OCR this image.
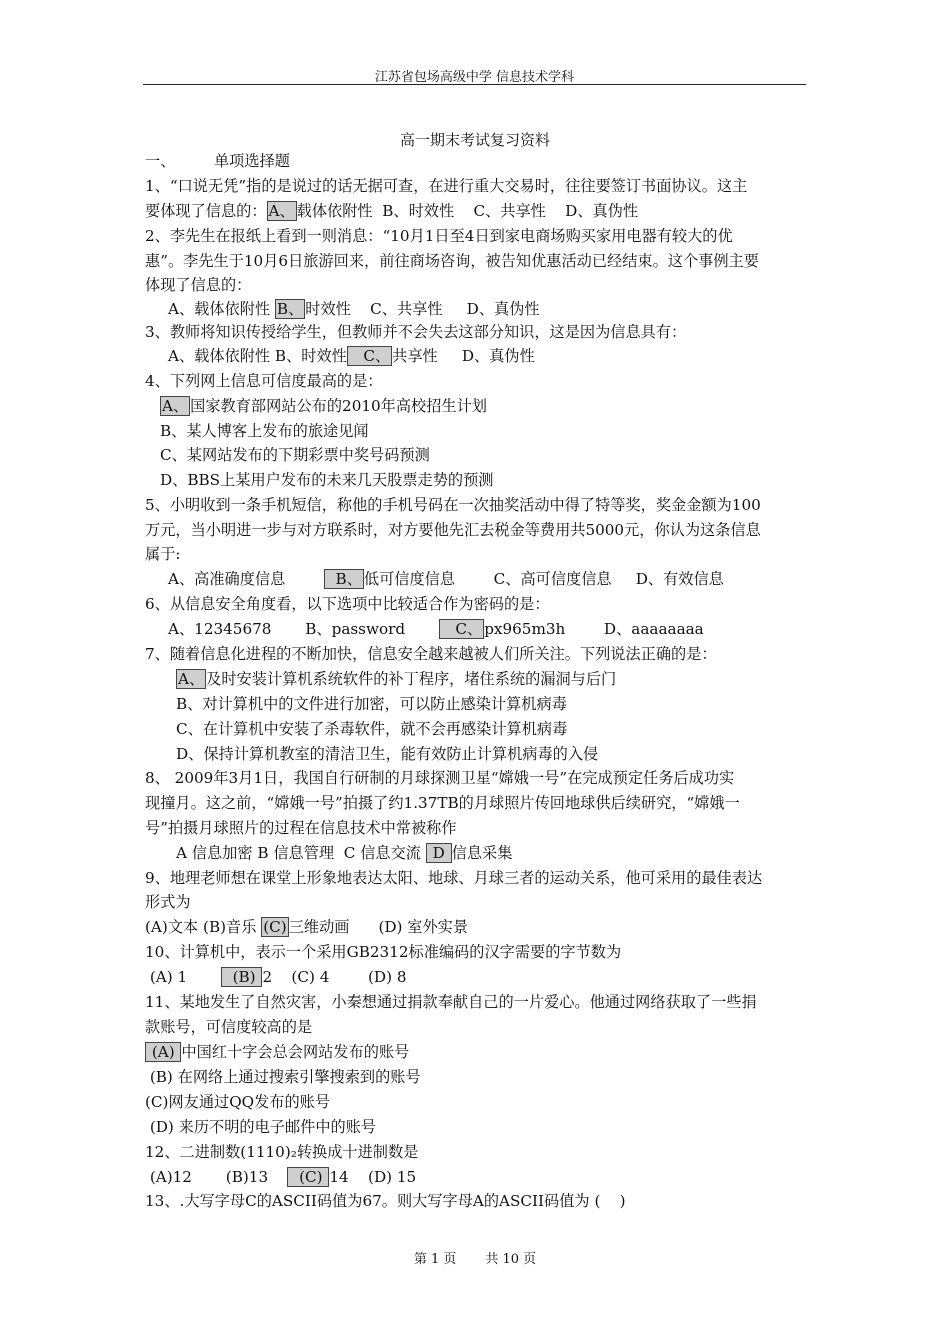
江苏省包场高级中学 信息技术学科
高一期末考试复习资料
一、        单项选择题
1、“口说无凭”指的是说过的话无据可查，在进行重大交易时，往往要签订书面协议。这主
要体现了信息的： A、 载体依附性  B、时效性    C、共享性    D、真伪性
2、李先生在报纸上看到一则消息：“10月1日至4日到家电商场购买家用电器有较大的优
惠”。李先生于10月6日旅游回来，前往商场咨询，被告知优惠活动已经结束。这个事例主要
体现了信息的：
A、载体依附性 B、 时效性    C、共享性     D、真伪性
3、教师将知识传授给学生，但教师并不会失去这部分知识，这是因为信息具有：
A、载体依附性 B、时效性   C、 共享性     D、真伪性
4、下列网上信息可信度最高的是：
A、 国家教育部网站公布的2010年高校招生计划
B、某人博客上发布的旅途见闻
C、某网站发布的下期彩票中奖号码预测
D、BBS上某用户发布的未来几天股票走势的预测
5、小明收到一条手机短信，称他的手机号码在一次抽奖活动中得了特等奖，奖金金额为100
万元，当小明进一步与对方联系时，对方要他先汇去税金等费用共5000元，你认为这条信息
属于:
A、高准确度信息          B、 低可信度信息        C、高可信度信息     D、有效信息
6、从信息安全角度看，以下选项中比较适合作为密码的是：
A、12345678       B、password          C、 px965m3h        D、aaaaaaaa
7、随着信息化进程的不断加快，信息安全越来越被人们所关注。下列说法正确的是：
A、 及时安装计算机系统软件的补丁程序，堵住系统的漏洞与后门
B、对计算机中的文件进行加密，可以防止感染计算机病毒
C、在计算机中安装了杀毒软件，就不会再感染计算机病毒
D、保持计算机教室的清洁卫生，能有效防止计算机病毒的入侵
8、 2009年3月1日，我国自行研制的月球探测卫星“嫦娥一号”在完成预定任务后成功实
现撞月。这之前，“嫦娥一号”拍摄了约1.37TB的月球照片传回地球供后续研究，“嫦娥一
号”拍摄月球照片的过程在信息技术中常被称作
A 信息加密 B 信息管理  C 信息交流  D 信息采集
9、地理老师想在课堂上形象地表达太阳、地球、月球三者的运动关系，他可采用的最佳表达
形式为
(A)文本 (B)音乐 (C) 三维动画      (D) 室外实景
10、计算机中，表示一个采用GB2312标准编码的汉字需要的字节数为
(A) 1         (B) 2    (C) 4        (D) 8
11、某地发生了自然灾害，小秦想通过捐款奉献自己的一片爱心。他通过网络获取了一些捐
款账号，可信度较高的是
(A) 中国红十字会总会网站发布的账号
(B) 在网络上通过搜索引擎搜索到的账号
(C)网友通过QQ发布的账号
(D) 来历不明的电子邮件中的账号
12、二进制数(1110)₂转换成十进制数是
(A)12       (B)13      (C) 14    (D) 15
13、.大写字母C的ASCII码值为67。则大写字母A的ASCII码值为 (    )
第 1 页       共 10 页
